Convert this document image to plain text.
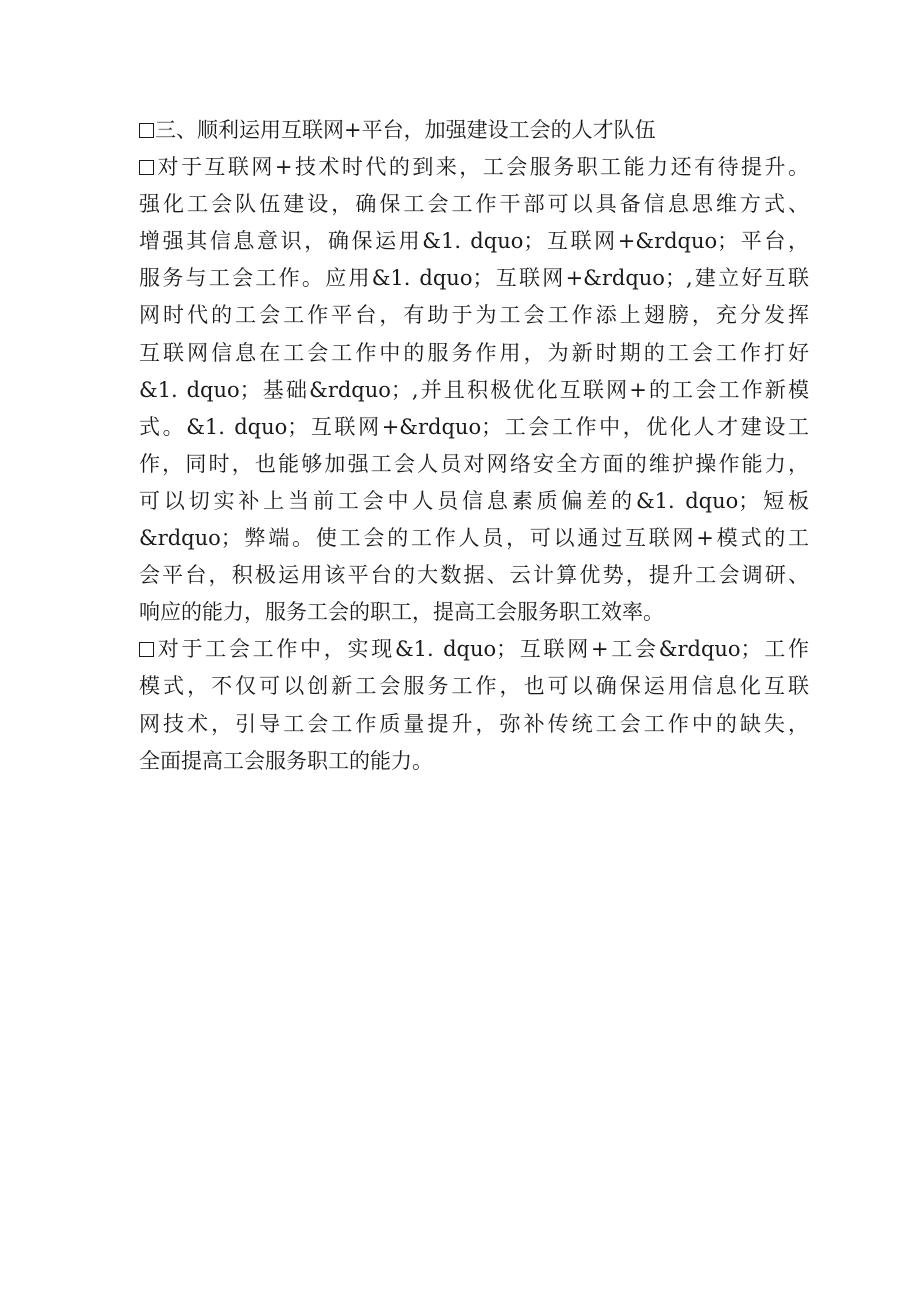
三、顺利运用互联网+平台，加强建设工会的人才队伍
对于互联网+技术时代的到来，工会服务职工能力还有待提升。
强化工会队伍建设，确保工会工作干部可以具备信息思维方式、
增强其信息意识，确保运用&1. dquo；互联网+&rdquo；平台，
服务与工会工作。应用&1. dquo；互联网+&rdquo；,建立好互联
网时代的工会工作平台，有助于为工会工作添上翅膀，充分发挥
互联网信息在工会工作中的服务作用，为新时期的工会工作打好
&1. dquo；基础&rdquo；,并且积极优化互联网+的工会工作新模
式。&1. dquo；互联网+&rdquo；工会工作中，优化人才建设工
作，同时，也能够加强工会人员对网络安全方面的维护操作能力，
可以切实补上当前工会中人员信息素质偏差的&1. dquo；短板
&rdquo；弊端。使工会的工作人员，可以通过互联网+模式的工
会平台，积极运用该平台的大数据、云计算优势，提升工会调研、
响应的能力，服务工会的职工，提高工会服务职工效率。
对于工会工作中，实现&1. dquo；互联网+工会&rdquo；工作
模式，不仅可以创新工会服务工作，也可以确保运用信息化互联
网技术，引导工会工作质量提升，弥补传统工会工作中的缺失，
全面提高工会服务职工的能力。
